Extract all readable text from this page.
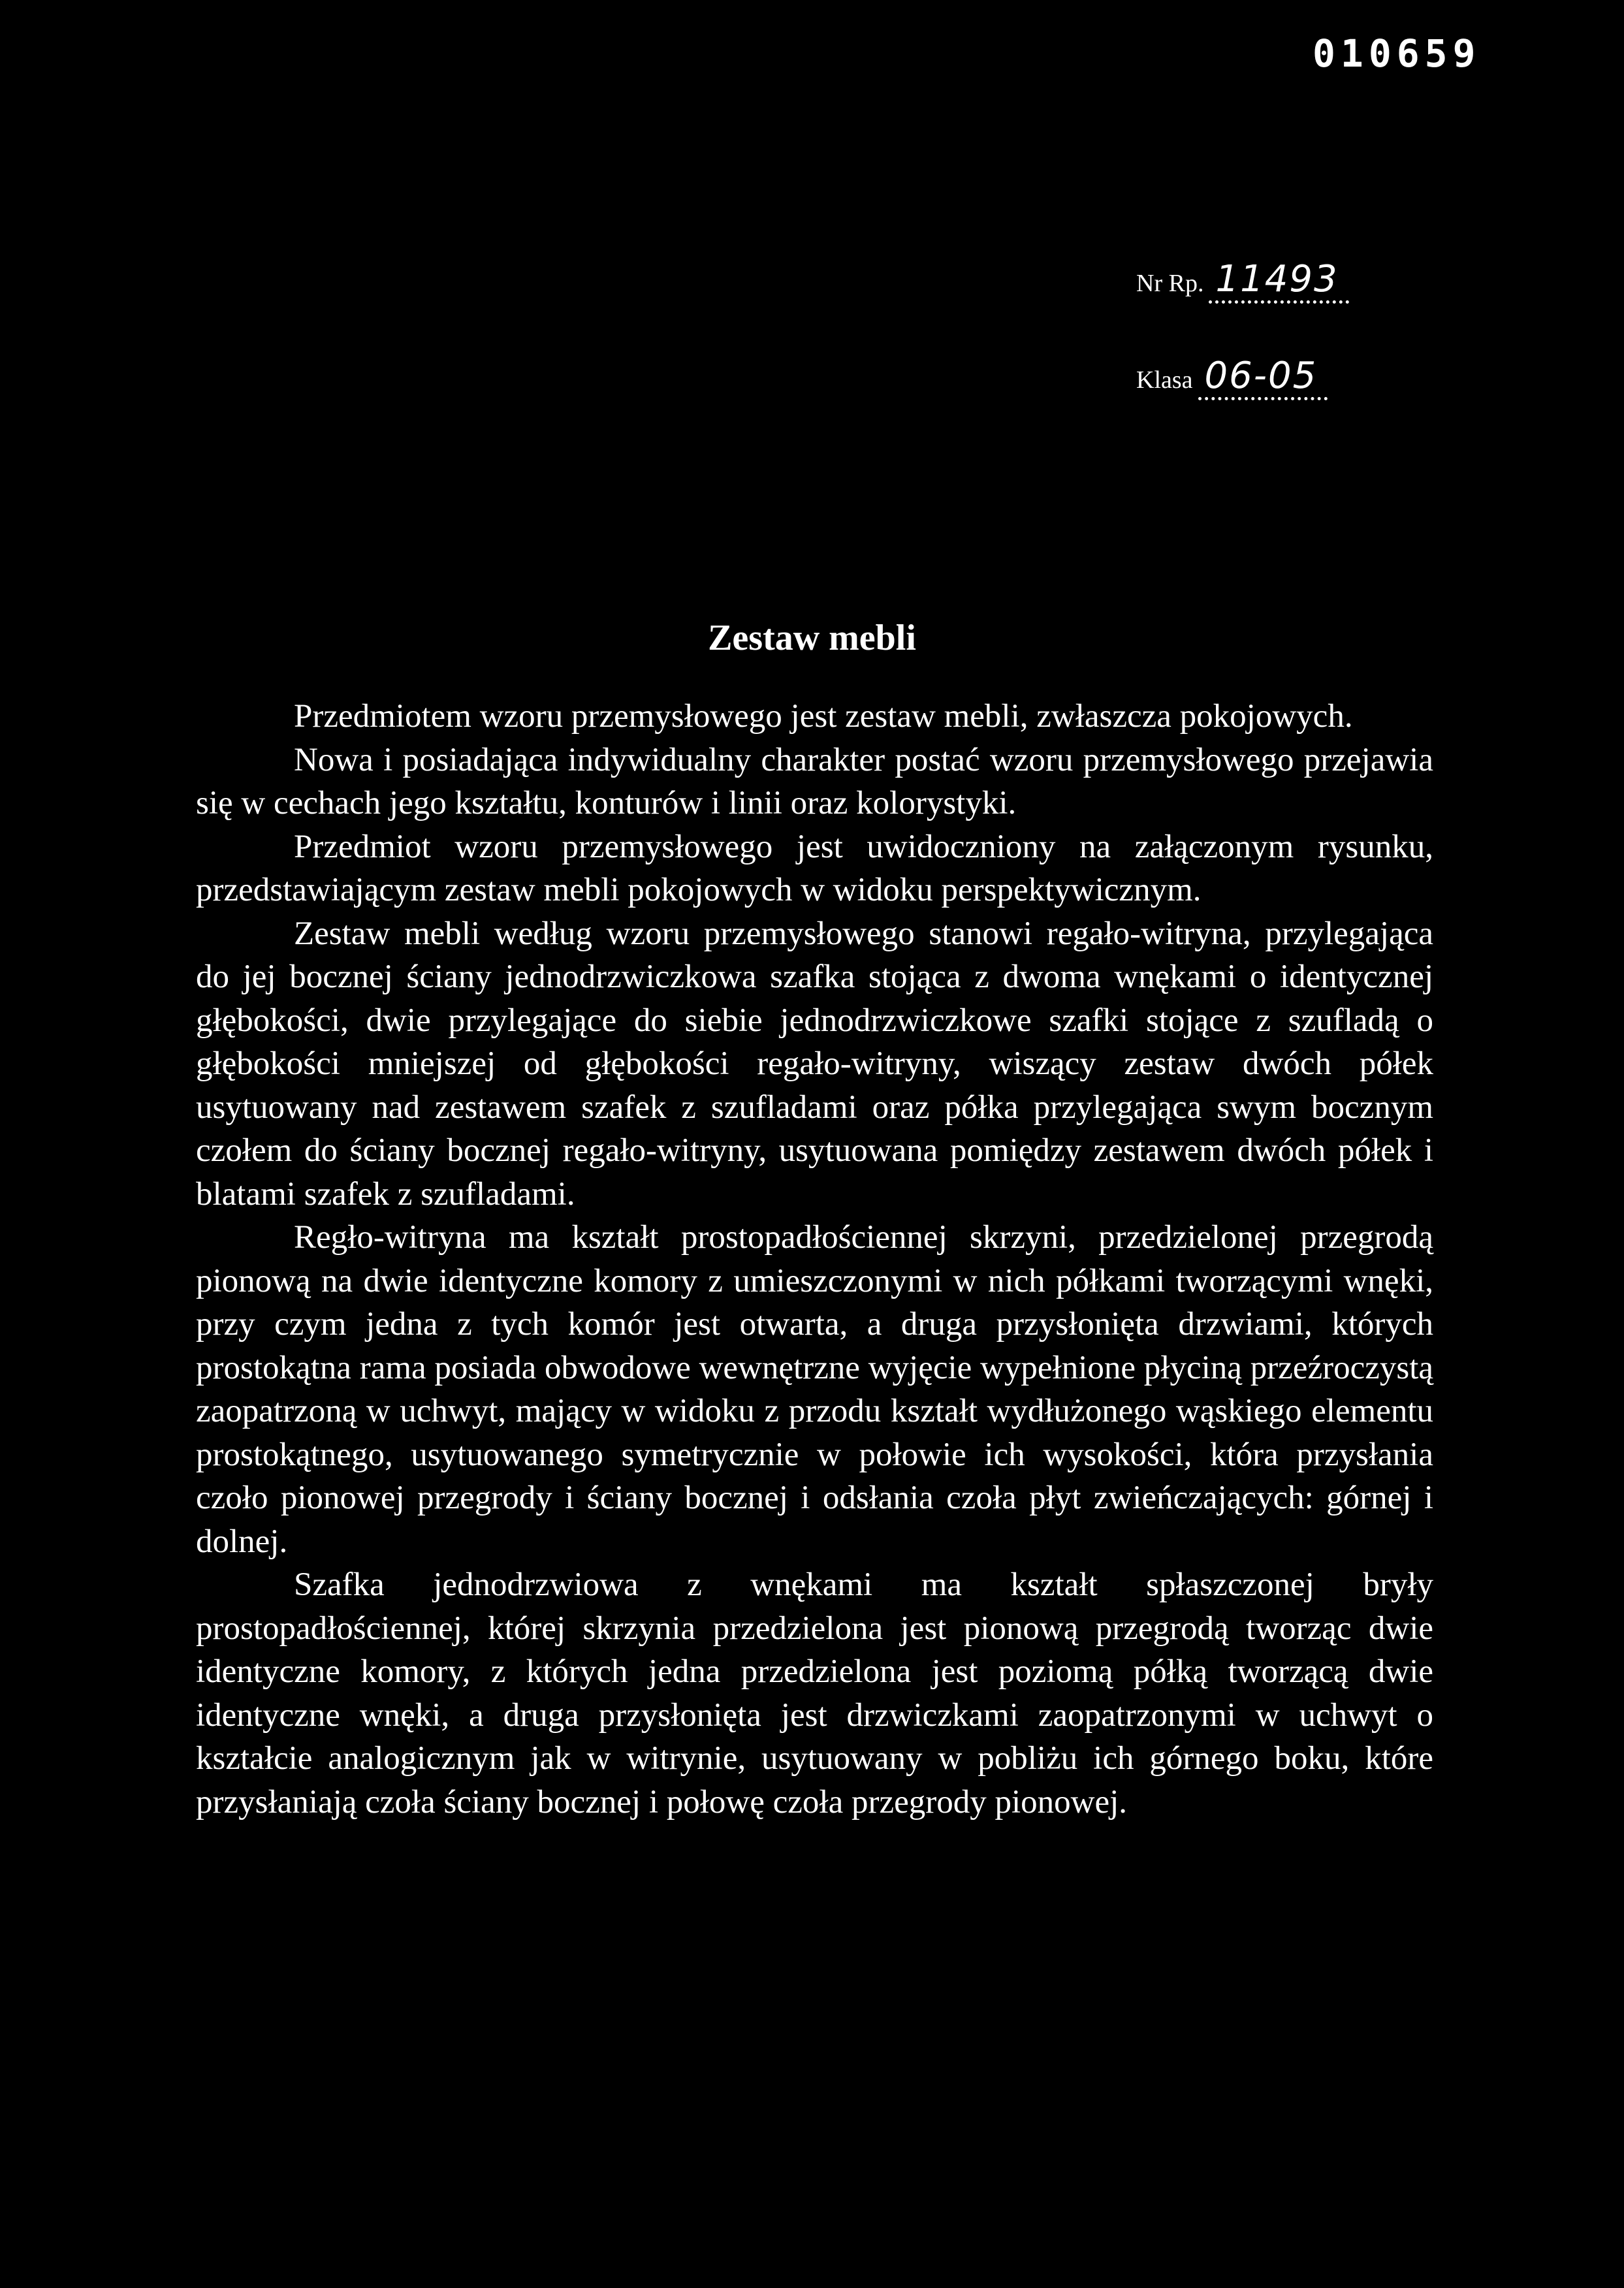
010659
Nr Rp. 11493
Klasa 06-05
Zestaw mebli

Przedmiotem wzoru przemysłowego jest zestaw mebli, zwłaszcza pokojowych.

Nowa i posiadająca indywidualny charakter postać wzoru przemysłowego przejawia się w cechach jego kształtu, konturów i linii oraz kolorystyki.

Przedmiot wzoru przemysłowego jest uwidoczniony na załączonym rysunku, przedstawiającym zestaw mebli pokojowych w widoku perspektywicznym.

Zestaw mebli według wzoru przemysłowego stanowi regało-witryna, przylegająca do jej bocznej ściany jednodrzwiczkowa szafka stojąca z dwoma wnękami o identycznej głębokości, dwie przylegające do siebie jednodrzwiczkowe szafki stojące z szufladą o głębokości mniejszej od głębokości regało-witryny, wiszący zestaw dwóch półek usytuowany nad zestawem szafek z szufladami oraz półka przylegająca swym bocznym czołem do ściany bocznej regało-witryny, usytuowana pomiędzy zestawem dwóch półek i blatami szafek z szufladami.

Regło-witryna ma kształt prostopadłościennej skrzyni, przedzielonej przegrodą pionową na dwie identyczne komory z umieszczonymi w nich półkami tworzącymi wnęki, przy czym jedna z tych komór jest otwarta, a druga przysłonięta drzwiami, których prostokątna rama posiada obwodowe wewnętrzne wyjęcie wypełnione płyciną przeźroczystą zaopatrzoną w uchwyt, mający w widoku z przodu kształt wydłużonego wąskiego elementu prostokątnego, usytuowanego symetrycznie w połowie ich wysokości, która przysłania czoło pionowej przegrody i ściany bocznej i odsłania czoła płyt zwieńczających: górnej i dolnej.

Szafka jednodrzwiowa z wnękami ma kształt spłaszczonej bryły prostopadłościennej, której skrzynia przedzielona jest pionową przegrodą tworząc dwie identyczne komory, z których jedna przedzielona jest poziomą półką tworzącą dwie identyczne wnęki, a druga przysłonięta jest drzwiczkami zaopatrzonymi w uchwyt o kształcie analogicznym jak w witrynie, usytuowany w pobliżu ich górnego boku, które przysłaniają czoła ściany bocznej i połowę czoła przegrody pionowej.
